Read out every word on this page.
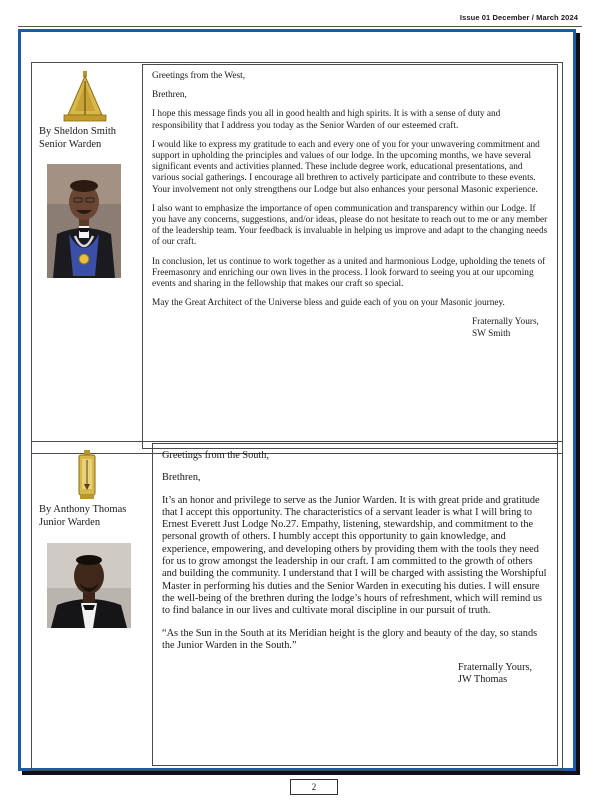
Issue 01 December / March 2024
By Sheldon Smith
Senior Warden

Greetings from the West,

Brethren,

I hope this message finds you all in good health and high spirits. It is with a sense of duty and responsibility that I address you today as the Senior Warden of our esteemed craft.

I would like to express my gratitude to each and every one of you for your unwavering commitment and support in upholding the principles and values of our lodge. In the upcoming months, we have several significant events and activities planned. These include degree work, educational presentations, and various social gatherings. I encourage all brethren to actively participate and contribute to these events. Your involvement not only strengthens our Lodge but also enhances your personal Masonic experience.

I also want to emphasize the importance of open communication and transparency within our Lodge. If you have any concerns, suggestions, and/or ideas, please do not hesitate to reach out to me or any member of the leadership team. Your feedback is invaluable in helping us improve and adapt to the changing needs of our craft.

In conclusion, let us continue to work together as a united and harmonious Lodge, upholding the tenets of Freemasonry and enriching our own lives in the process. I look forward to seeing you at our upcoming events and sharing in the fellowship that makes our craft so special.

May the Great Architect of the Universe bless and guide each of you on your Masonic journey.

Fraternally Yours,
SW Smith
By Anthony Thomas
Junior Warden

Greetings from the South,

Brethren,

It’s an honor and privilege to serve as the Junior Warden. It is with great pride and gratitude that I accept this opportunity. The characteristics of a servant leader is what I will bring to Ernest Everett Just Lodge No.27. Empathy, listening, stewardship, and commitment to the personal growth of others. I humbly accept this opportunity to gain knowledge, and experience, empowering, and developing others by providing them with the tools they need for us to grow amongst the leadership in our craft. I am committed to the growth of others and building the community. I understand that I will be charged with assisting the Worshipful Master in performing his duties and the Senior Warden in executing his duties. I will ensure the well-being of the brethren during the lodge’s hours of refreshment, which will remind us to find balance in our lives and cultivate moral discipline in our pursuit of truth.

“As the Sun in the South at its Meridian height is the glory and beauty of the day, so stands the Junior Warden in the South.”

Fraternally Yours,
JW Thomas
2
